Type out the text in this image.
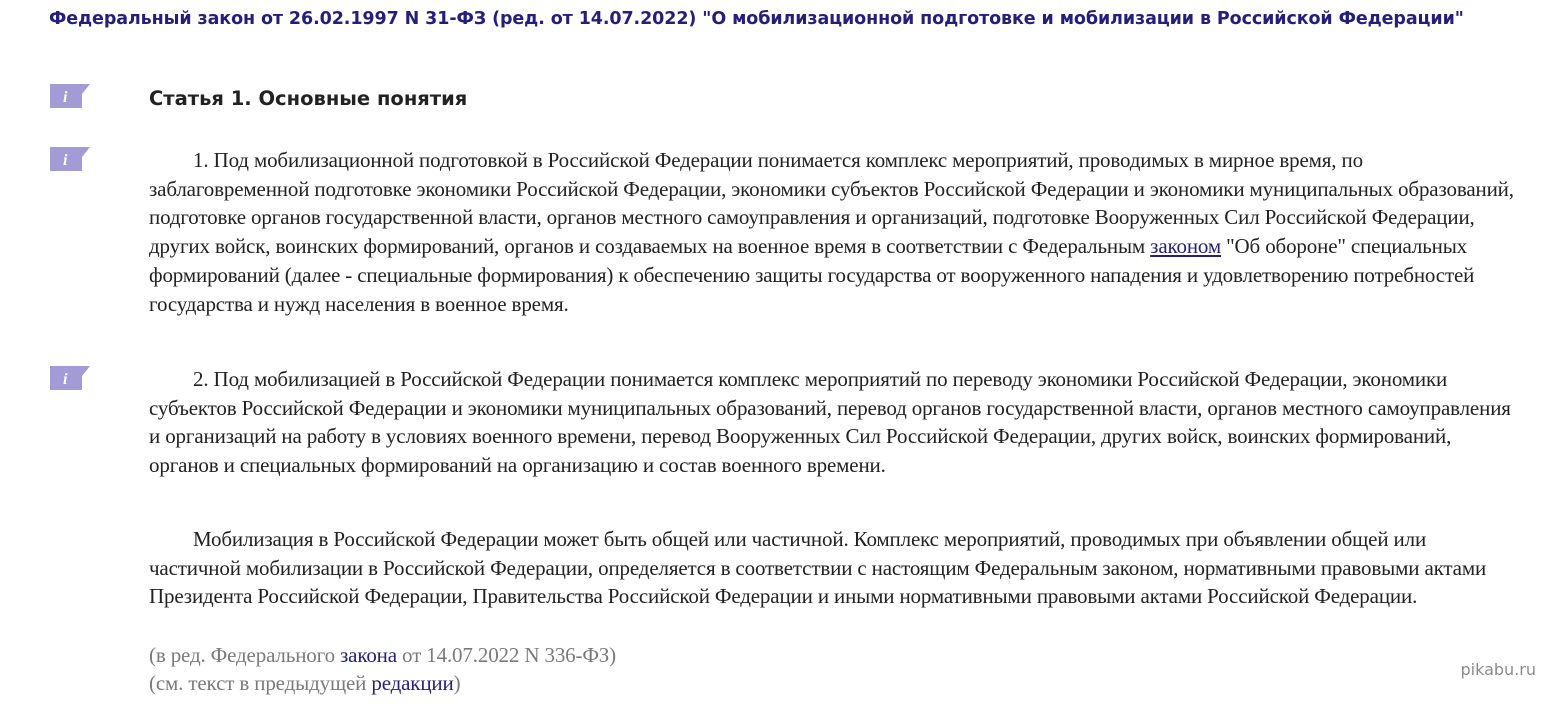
Федеральный закон от 26.02.1997 N 31-ФЗ (ред. от 14.07.2022) "О мобилизационной подготовке и мобилизации в Российской Федерации"
i	Статья 1. Основные понятия
i	1. Под мобилизационной подготовкой в Российской Федерации понимается комплекс мероприятий, проводимых в мирное время, по заблаговременной подготовке экономики Российской Федерации, экономики субъектов Российской Федерации и экономики муниципальных образований, подготовке органов государственной власти, органов местного самоуправления и организаций, подготовке Вооруженных Сил Российской Федерации, других войск, воинских формирований, органов и создаваемых на военное время в соответствии с Федеральным законом "Об обороне" специальных формирований (далее - специальные формирования) к обеспечению защиты государства от вооруженного нападения и удовлетворению потребностей государства и нужд населения в военное время.

i	2. Под мобилизацией в Российской Федерации понимается комплекс мероприятий по переводу экономики Российской Федерации, экономики субъектов Российской Федерации и экономики муниципальных образований, перевод органов государственной власти, органов местного самоуправления и организаций на работу в условиях военного времени, перевод Вооруженных Сил Российской Федерации, других войск, воинских формирований, органов и специальных формирований на организацию и состав военного времени.

Мобилизация в Российской Федерации может быть общей или частичной. Комплекс мероприятий, проводимых при объявлении общей или частичной мобилизации в Российской Федерации, определяется в соответствии с настоящим Федеральным законом, нормативными правовыми актами Президента Российской Федерации, Правительства Российской Федерации и иными нормативными правовыми актами Российской Федерации.

(в ред. Федерального закона от 14.07.2022 N 336-ФЗ)

(см. текст в предыдущей редакции)

pikabu.ru
